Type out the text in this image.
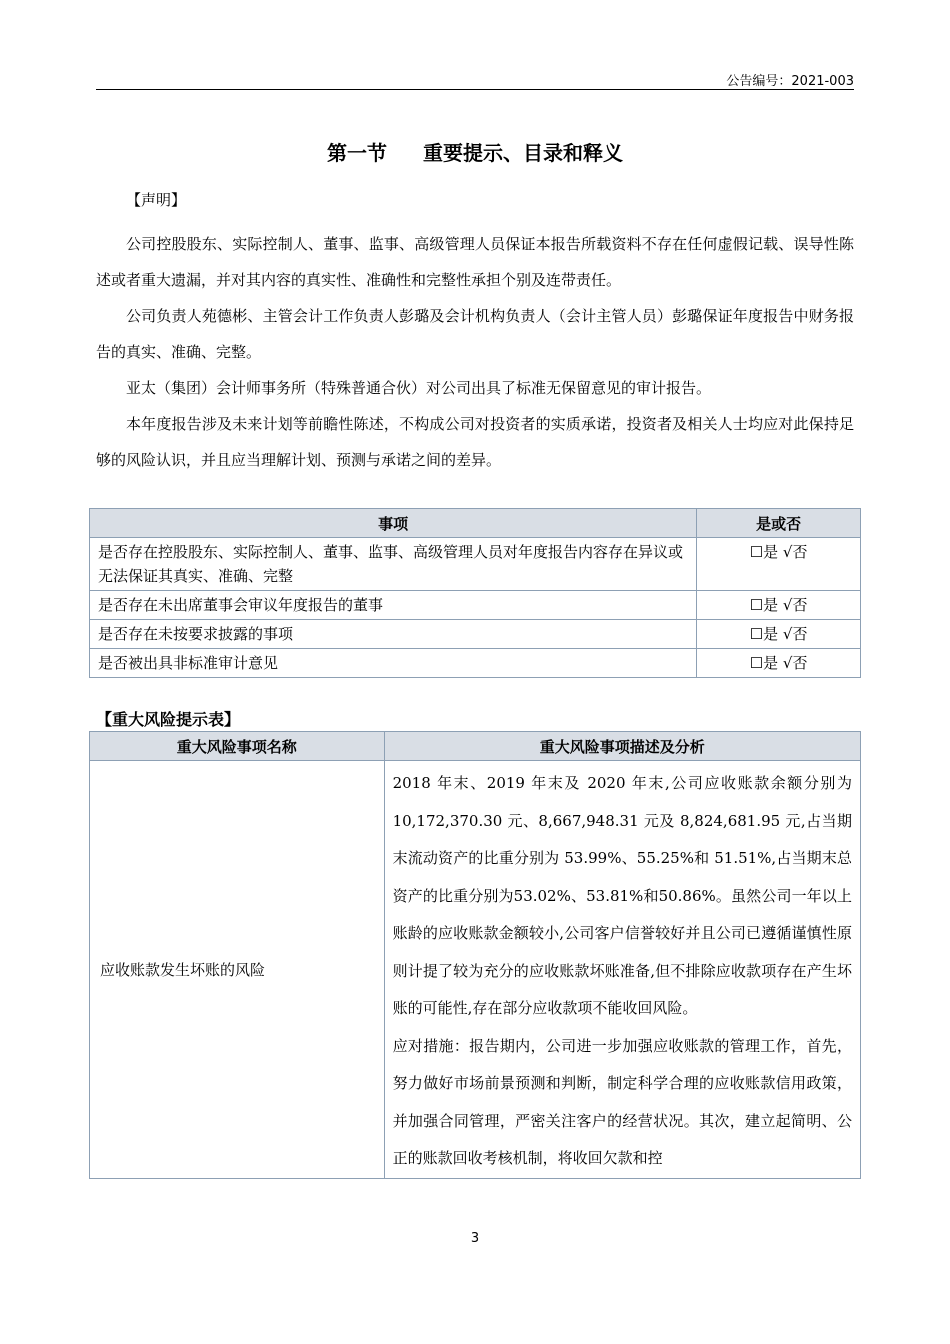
公告编号：2021-003
第一节 重要提示、目录和释义
【声明】

公司控股股东、实际控制人、董事、监事、高级管理人员保证本报告所载资料不存在任何虚假记载、误导性陈述或者重大遗漏，并对其内容的真实性、准确性和完整性承担个别及连带责任。

公司负责人苑德彬、主管会计工作负责人彭璐及会计机构负责人（会计主管人员）彭璐保证年度报告中财务报告的真实、准确、完整。

亚太（集团）会计师事务所（特殊普通合伙）对公司出具了标准无保留意见的审计报告。

本年度报告涉及未来计划等前瞻性陈述，不构成公司对投资者的实质承诺，投资者及相关人士均应对此保持足够的风险认识，并且应当理解计划、预测与承诺之间的差异。

事项	是或否
是否存在控股股东、实际控制人、董事、监事、高级管理人员对年度报告内容存在异议或无法保证其真实、准确、完整	☐是 √否
是否存在未出席董事会审议年度报告的董事	☐是 √否
是否存在未按要求披露的事项	☐是 √否
是否被出具非标准审计意见	☐是 √否
【重大风险提示表】
重大风险事项名称	重大风险事项描述及分析
应收账款发生坏账的风险	2018 年末、2019 年末及 2020 年末,公司应收账款余额分别为 10,172,370.30 元、8,667,948.31 元及 8,824,681.95 元,占当期末流动资产的比重分别为 53.99%、55.25%和 51.51%,占当期末总资产的比重分别为53.02%、53.81%和50.86%。虽然公司一年以上账龄的应收账款金额较小,公司客户信誉较好并且公司已遵循谨慎性原则计提了较为充分的应收账款坏账准备,但不排除应收款项存在产生坏账的可能性,存在部分应收款项不能收回风险。
应对措施：报告期内，公司进一步加强应收账款的管理工作，首先，努力做好市场前景预测和判断，制定科学合理的应收账款信用政策，并加强合同管理，严密关注客户的经营状况。其次，建立起简明、公正的账款回收考核机制，将收回欠款和控
3
